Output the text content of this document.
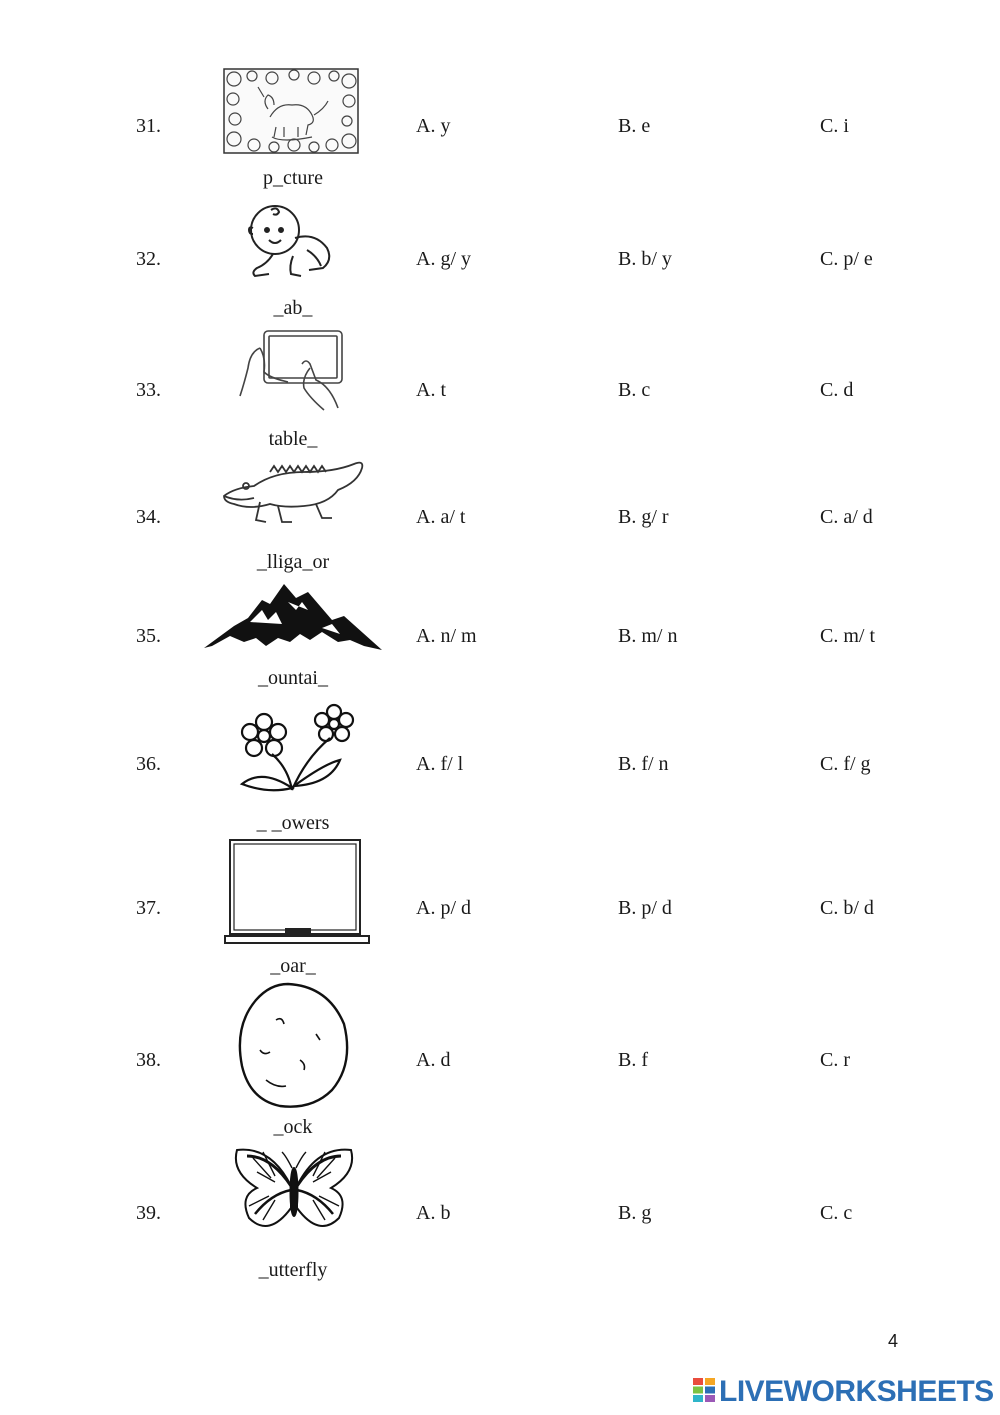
31.	A. y	B. e	C. i
p_cture
32.	A. g/ y	B. b/ y	C. p/ e
_ab_
33.	A. t	B. c	C. d
table_
34.	A. a/ t	B. g/ r	C. a/ d
_lliga_or
35.	A. n/ m	B. m/ n	C. m/ t
_ountai_
36.	A. f/ l	B. f/ n	C. f/ g
_ _owers
37.	A. p/ d	B. p/ d	C. b/ d
_oar_
38.	A. d	B. f	C. r
_ock
39.	A. b	B. g	C. c
_utterfly
4
LIVEWORKSHEETS
